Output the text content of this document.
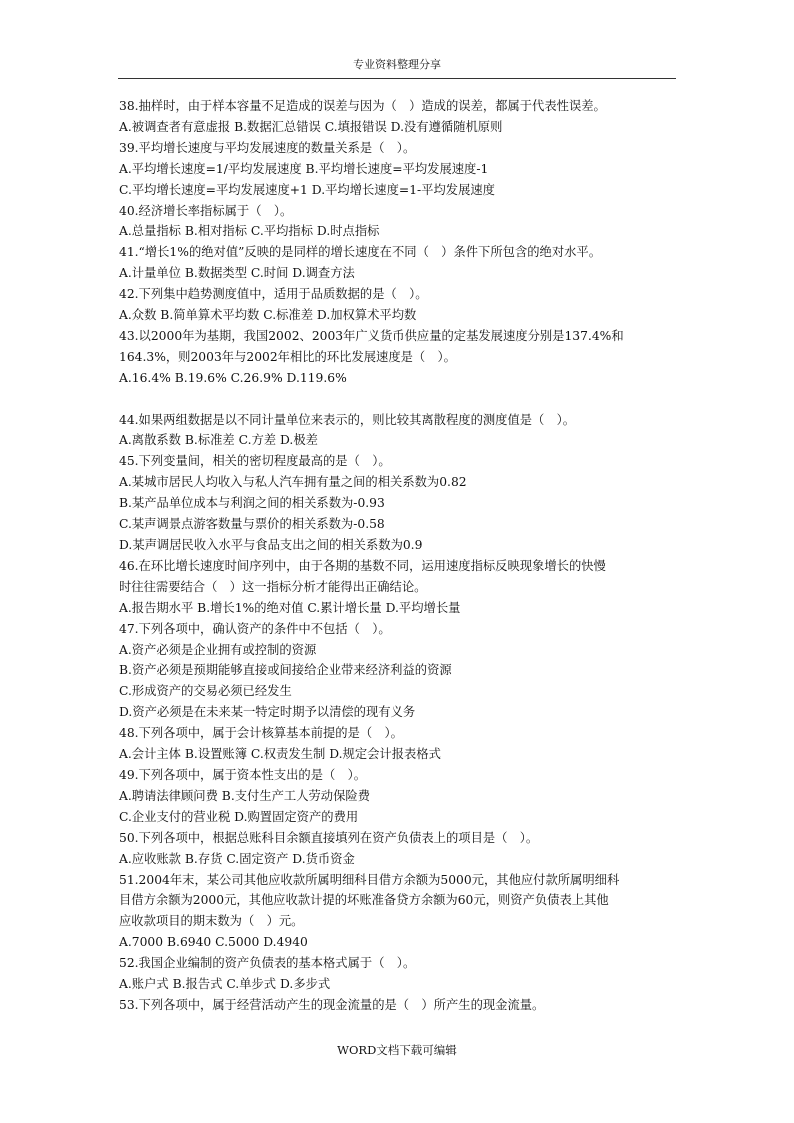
专业资料整理分享
38.抽样时，由于样本容量不足造成的误差与因为（　）造成的误差，都属于代表性误差。
A.被调查者有意虚报 B.数据汇总错误 C.填报错误 D.没有遵循随机原则
39.平均增长速度与平均发展速度的数量关系是（　）。
A.平均增长速度=1/平均发展速度 B.平均增长速度=平均发展速度-1
C.平均增长速度=平均发展速度+1 D.平均增长速度=1-平均发展速度
40.经济增长率指标属于（　）。
A.总量指标 B.相对指标 C.平均指标 D.时点指标
41.“增长1%的绝对值”反映的是同样的增长速度在不同（　）条件下所包含的绝对水平。
A.计量单位 B.数据类型 C.时间 D.调查方法
42.下列集中趋势测度值中，适用于品质数据的是（　）。
A.众数 B.简单算术平均数 C.标准差 D.加权算术平均数
43.以2000年为基期，我国2002、2003年广义货币供应量的定基发展速度分别是137.4%和
164.3%，则2003年与2002年相比的环比发展速度是（　）。
A.16.4% B.19.6% C.26.9% D.119.6%
44.如果两组数据是以不同计量单位来表示的，则比较其离散程度的测度值是（　）。
A.离散系数 B.标准差 C.方差 D.极差
45.下列变量间，相关的密切程度最高的是（　）。
A.某城市居民人均收入与私人汽车拥有量之间的相关系数为0.82
B.某产品单位成本与利润之间的相关系数为-0.93
C.某声调景点游客数量与票价的相关系数为-0.58
D.某声调居民收入水平与食品支出之间的相关系数为0.9
46.在环比增长速度时间序列中，由于各期的基数不同，运用速度指标反映现象增长的快慢
时往往需要结合（　）这一指标分析才能得出正确结论。
A.报告期水平 B.增长1%的绝对值 C.累计增长量 D.平均增长量
47.下列各项中，确认资产的条件中不包括（　）。
A.资产必须是企业拥有或控制的资源
B.资产必须是预期能够直接或间接给企业带来经济利益的资源
C.形成资产的交易必须已经发生
D.资产必须是在未来某一特定时期予以清偿的现有义务
48.下列各项中，属于会计核算基本前提的是（　）。
A.会计主体 B.设置账簿 C.权责发生制 D.规定会计报表格式
49.下列各项中，属于资本性支出的是（　）。
A.聘请法律顾问费 B.支付生产工人劳动保险费
C.企业支付的营业税 D.购置固定资产的费用
50.下列各项中，根据总账科目余额直接填列在资产负债表上的项目是（　）。
A.应收账款 B.存货 C.固定资产 D.货币资金
51.2004年末，某公司其他应收款所属明细科目借方余额为5000元，其他应付款所属明细科
目借方余额为2000元，其他应收款计提的坏账准备贷方余额为60元，则资产负债表上其他
应收款项目的期末数为（　）元。
A.7000 B.6940 C.5000 D.4940
52.我国企业编制的资产负债表的基本格式属于（　）。
A.账户式 B.报告式 C.单步式 D.多步式
53.下列各项中，属于经营活动产生的现金流量的是（　）所产生的现金流量。
WORD文档下载可编辑
